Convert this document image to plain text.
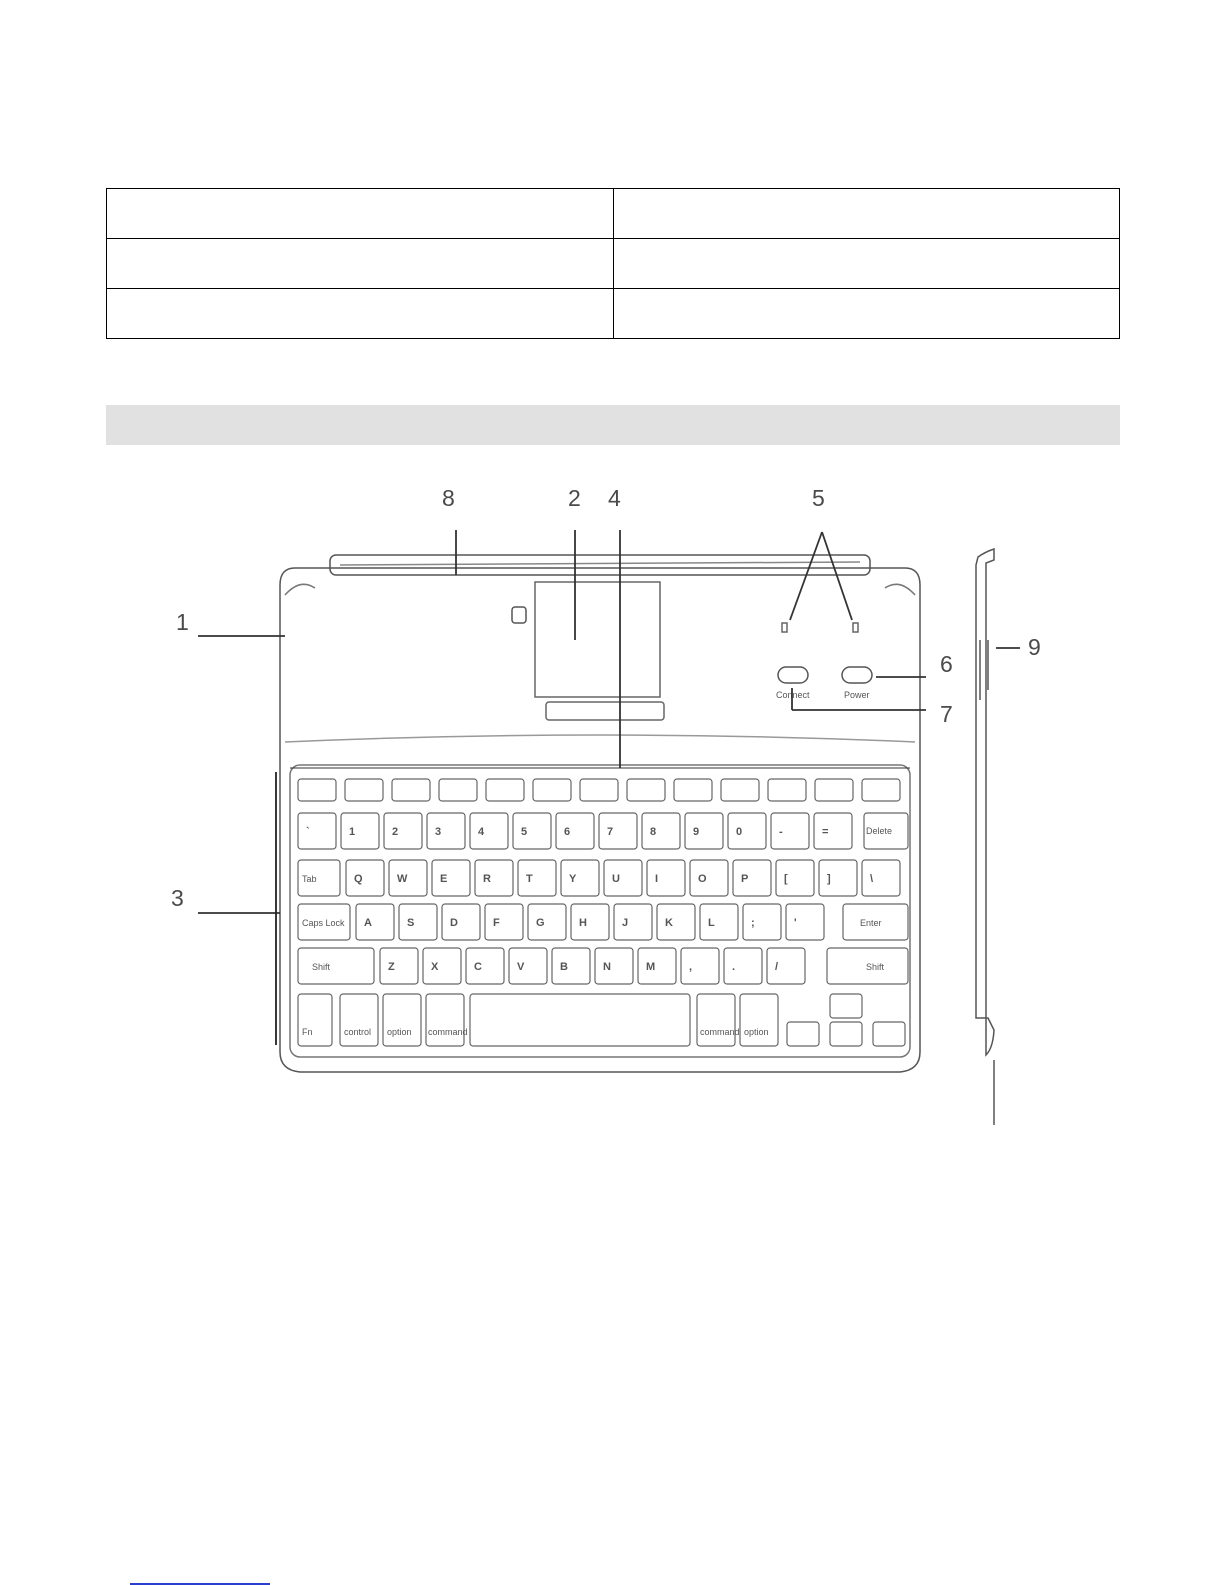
`	1	2	3	4	5	6	7	8	9	0	-	=
Q	W	E	R	T	Y	U	I	O	P	[	]	\
A	S	D	F	G	H	J	K	L	;	'
Z	X	C	V	B	N	M	,	.	/
Fn	control option command	command option
Enter
Shift	Shift
Tab
Caps Lock
Delete
Connect	Power
1
2
3
4	5
6
7
8
9
